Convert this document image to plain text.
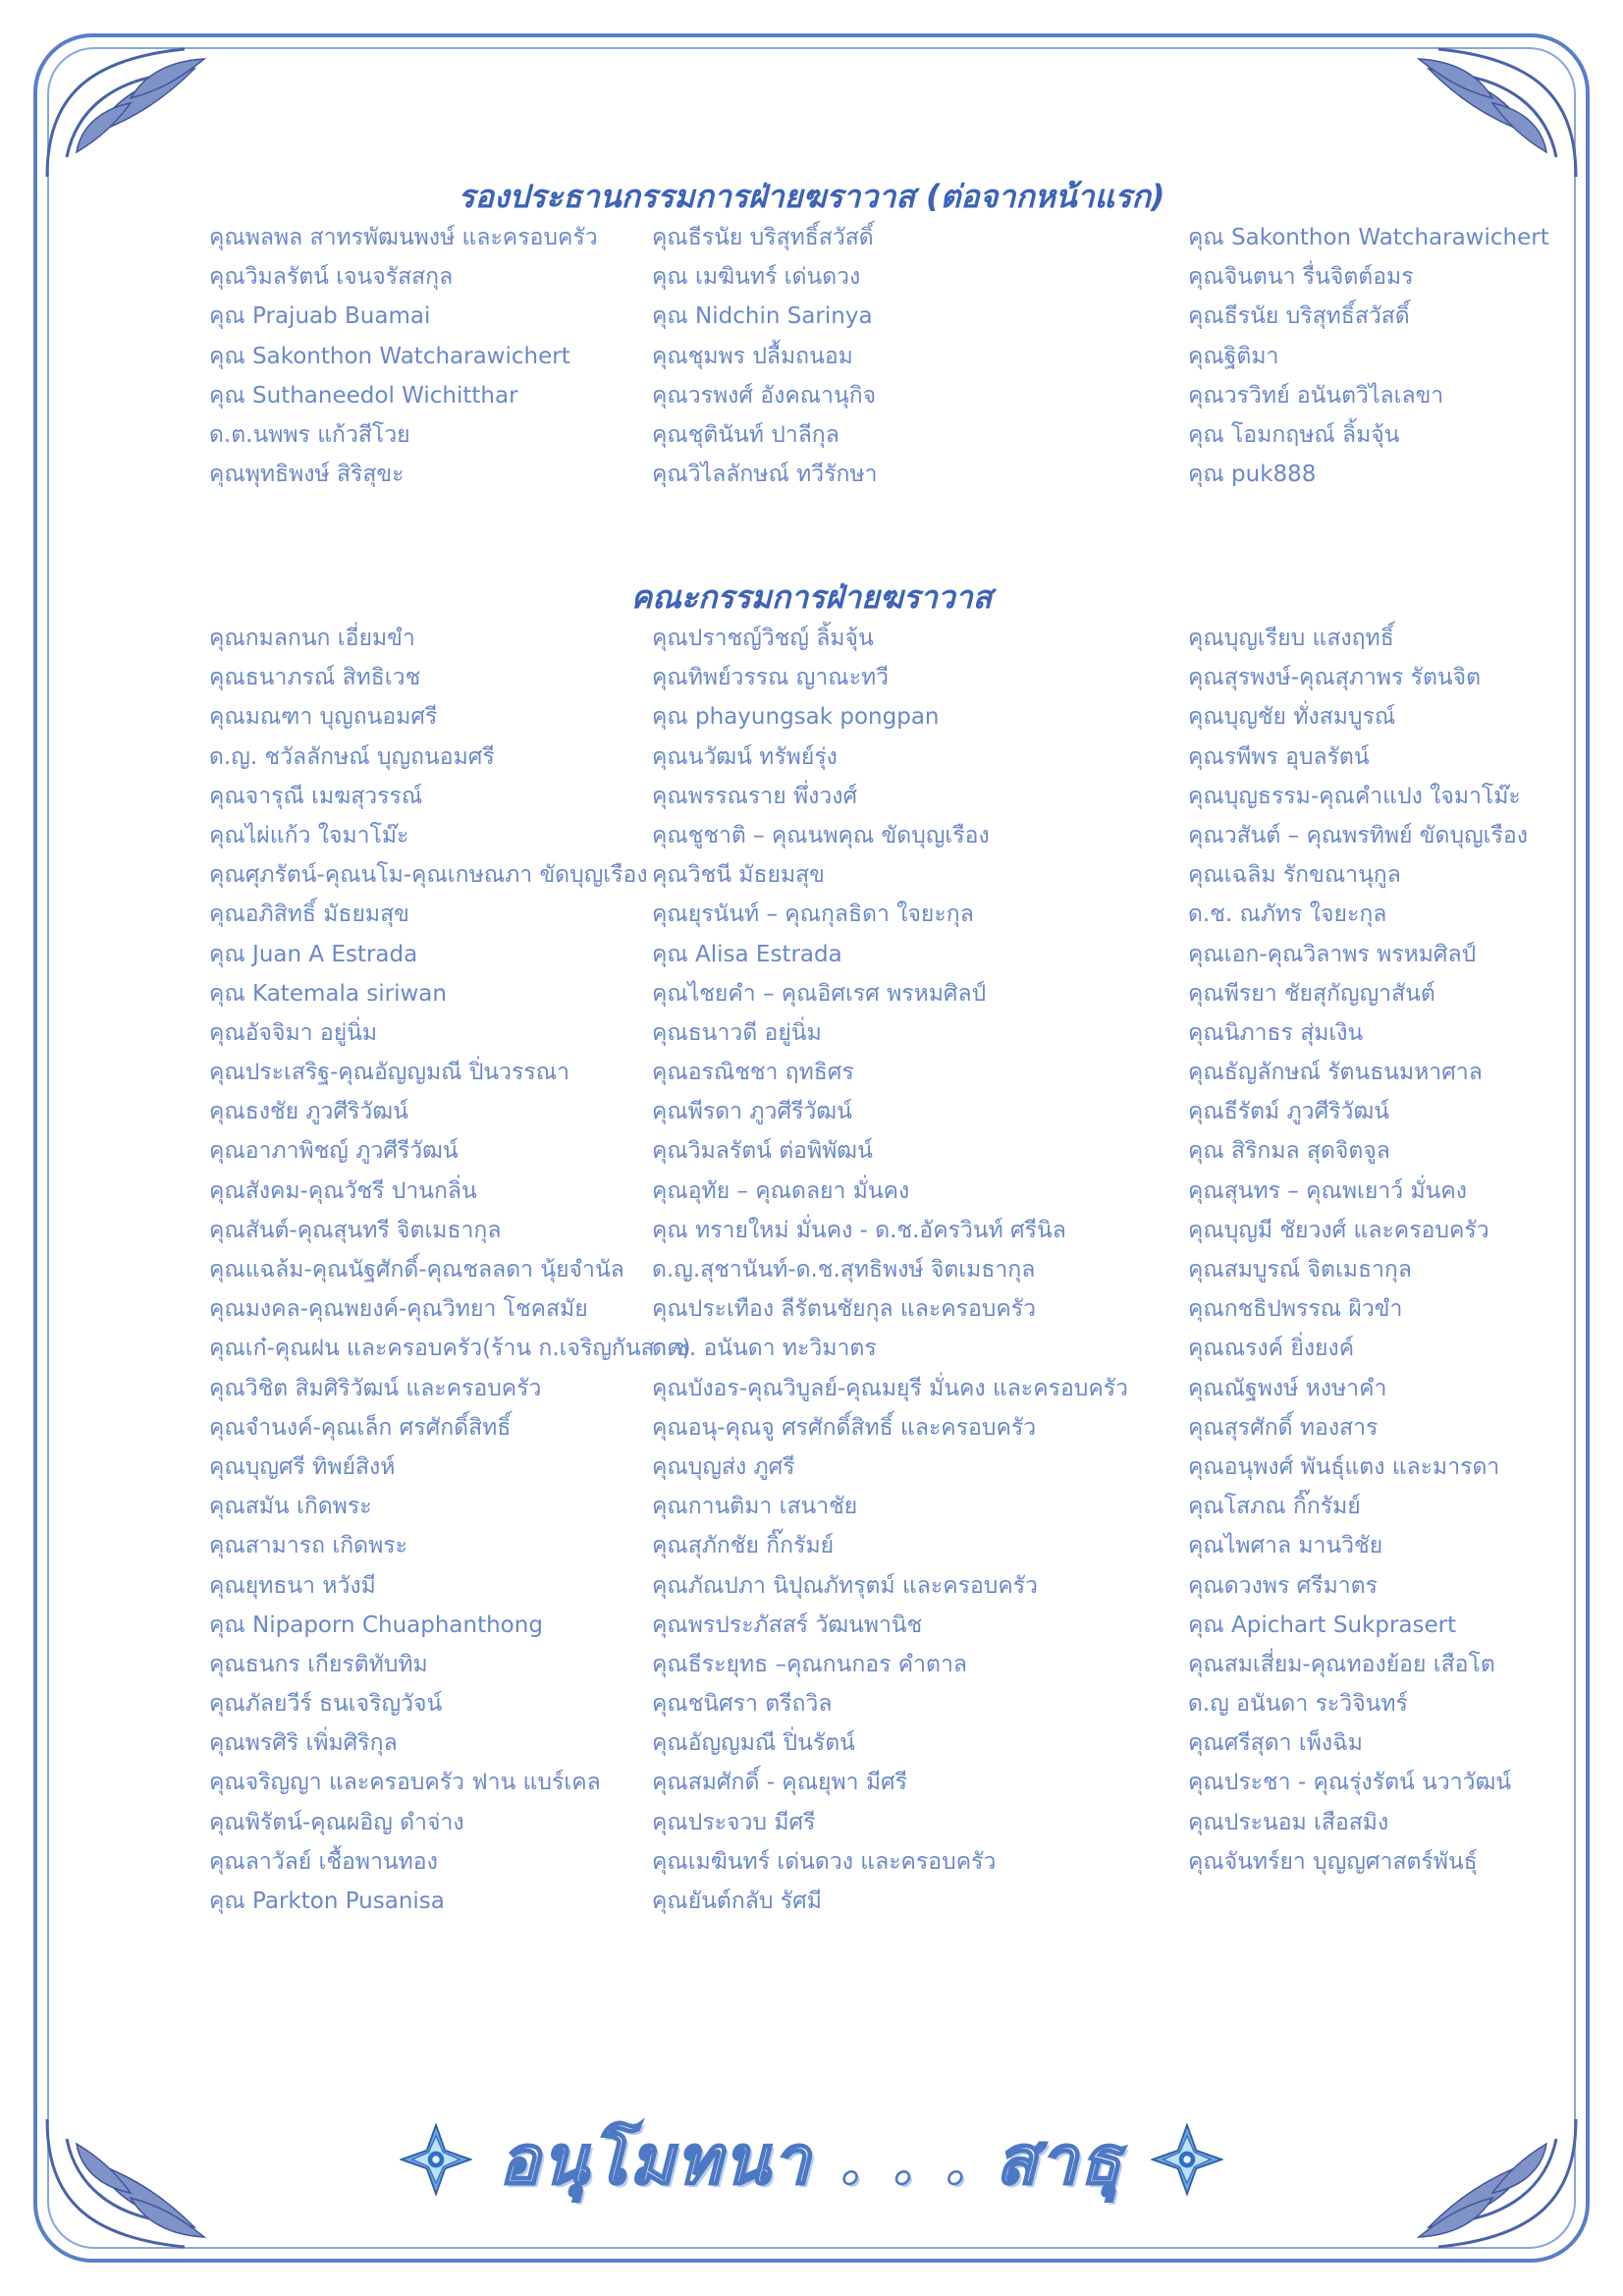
รองประธานกรรมการฝ่ายฆราวาส (ต่อจากหน้าแรก)
คุณพลพล สาทรพัฒนพงษ์ และครอบครัว
คุณวิมลรัตน์ เจนจรัสสกุล
คุณ Prajuab Buamai
คุณ Sakonthon Watcharawichert
คุณ Suthaneedol Wichitthar
ด.ต.นพพร แก้วสีโวย
คุณพุทธิพงษ์ สิริสุขะ
คุณธีรนัย บริสุทธิ์สวัสดิ์
คุณ เมฆินทร์ เด่นดวง
คุณ Nidchin Sarinya
คุณชุมพร ปลื้มถนอม
คุณวรพงศ์ อังคณานุกิจ
คุณชุตินันท์ ปาลีกุล
คุณวิไลลักษณ์ ทวีรักษา
คุณ Sakonthon Watcharawichert
คุณจินตนา รื่นจิตต์อมร
คุณธีรนัย บริสุทธิ์สวัสดิ์
คุณฐิติมา
คุณวรวิทย์ อนันตวิไลเลขา
คุณ โอมกฤษณ์ ลิ้มจุ้น
คุณ puk888
คณะกรรมการฝ่ายฆราวาส
คุณกมลกนก เอี่ยมขำ
คุณธนาภรณ์ สิทธิเวช
คุณมณฑา บุญถนอมศรี
ด.ญ. ชวัลลักษณ์ บุญถนอมศรี
คุณจารุณี เมฆสุวรรณ์
คุณไผ่แก้ว ใจมาโม๊ะ
คุณศุภรัตน์-คุณนโม-คุณเกษณภา ขัดบุญเรือง
คุณอภิสิทธิ์ มัธยมสุข
คุณ Juan A Estrada
คุณ Katemala siriwan
คุณอัจจิมา อยู่นิ่ม
คุณประเสริฐ-คุณอัญญมณี ปิ่นวรรณา
คุณธงชัย ภูวศีริวัฒน์
คุณอาภาพิชญ์ ภูวศีรีวัฒน์
คุณสังคม-คุณวัชรี ปานกลิ่น
คุณสันต์-คุณสุนทรี จิตเมธากุล
คุณแฉล้ม-คุณนัฐศักดิ์-คุณชลลดา นุ้ยจำนัล
คุณมงคล-คุณพยงค์-คุณวิทยา โชคสมัย
คุณเก๋-คุณฝน และครอบครัว(ร้าน ก.เจริญกันสาด)
คุณวิชิต สิมศิริวัฒน์ และครอบครัว
คุณจำนงค์-คุณเล็ก ศรศักดิ์สิทธิ์
คุณบุญศรี ทิพย์สิงห์
คุณสมัน เกิดพระ
คุณสามารถ เกิดพระ
คุณยุทธนา หวังมี
คุณ Nipaporn Chuaphanthong
คุณธนกร เกียรติทับทิม
คุณภัลยวีร์ ธนเจริญวัจน์
คุณพรศิริ เพิ่มศิริกุล
คุณจริญญา และครอบครัว ฟาน แบร์เคล
คุณพิรัตน์-คุณผอิญ ดำจ่าง
คุณลาวัลย์ เชื้อพานทอง
คุณ Parkton Pusanisa
คุณปราชญ์วิชญ์ ลิ้มจุ้น
คุณทิพย์วรรณ ญาณะทวี
คุณ phayungsak pongpan
คุณนวัฒน์ ทรัพย์รุ่ง
คุณพรรณราย พึ่งวงศ์
คุณชูชาติ – คุณนพคุณ ขัดบุญเรือง
คุณวิชนี มัธยมสุข
คุณยุรนันท์ – คุณกุลธิดา ใจยะกุล
คุณ Alisa Estrada
คุณไชยคำ – คุณอิศเรศ พรหมศิลป์
คุณธนาวดี อยู่นิ่ม
คุณอรณิชชา ฤทธิศร
คุณพีรดา ภูวศีรีวัฒน์
คุณวิมลรัตน์ ต่อพิพัฒน์
คุณอุทัย – คุณดลยา มั่นคง
คุณ ทรายใหม่ มั่นคง - ด.ช.อัครวินท์ ศรีนิล
ด.ญ.สุชานันท์-ด.ช.สุทธิพงษ์ จิตเมธากุล
คุณประเทือง ลีรัตนชัยกุล และครอบครัว
ด.ช. อนันดา ทะวิมาตร
คุณบังอร-คุณวิบูลย์-คุณมยุรี มั่นคง และครอบครัว
คุณอนุ-คุณจู ศรศักดิ์สิทธิ์ และครอบครัว
คุณบุญส่ง ภูศรี
คุณกานติมา เสนาชัย
คุณสุภักชัย กิ๊กรัมย์
คุณภัณปภา นิปุณภัทรุตม์ และครอบครัว
คุณพรประภัสสร์ วัฒนพานิช
คุณธีระยุทธ –คุณกนกอร คำตาล
คุณชนิศรา ตรีถวิล
คุณอัญญมณี ปิ่นรัตน์
คุณสมศักดิ์ - คุณยุพา มีศรี
คุณประจวบ มีศรี
คุณเมฆินทร์ เด่นดวง และครอบครัว
คุณยันต์กลับ รัศมี
คุณบุญเรียบ แสงฤทธิ์
คุณสุรพงษ์-คุณสุภาพร รัตนจิต
คุณบุญชัย ทั่งสมบูรณ์
คุณรพีพร อุบลรัตน์
คุณบุญธรรม-คุณคำแปง ใจมาโม๊ะ
คุณวสันต์ – คุณพรทิพย์ ขัดบุญเรือง
คุณเฉลิม รักขณานุกูล
ด.ช. ณภัทร ใจยะกุล
คุณเอก-คุณวิลาพร พรหมศิลป์
คุณพีรยา ชัยสุกัญญาสันต์
คุณนิภาธร สุ่มเงิน
คุณธัญลักษณ์ รัตนธนมหาศาล
คุณธีรัตม์ ภูวศีริวัฒน์
คุณ สิริกมล สุดจิตจูล
คุณสุนทร – คุณพเยาว์ มั่นคง
คุณบุญมี ชัยวงศ์ และครอบครัว
คุณสมบูรณ์ จิตเมธากุล
คุณกชธิปพรรณ ผิวขำ
คุณณรงค์ ยิ่งยงค์
คุณณัฐพงษ์ หงษาคำ
คุณสุรศักดิ์ ทองสาร
คุณอนุพงศ์ พันธุ์แตง และมารดา
คุณโสภณ กิ๊กรัมย์
คุณไพศาล มานวิชัย
คุณดวงพร ศรีมาตร
คุณ Apichart Sukprasert
คุณสมเสี่ยม-คุณทองย้อย เสือโต
ด.ญ อนันดา ระวิจินทร์
คุณศรีสุดา เพ็งฉิม
คุณประชา - คุณรุ่งรัตน์ นวาวัฒน์
คุณประนอม เสือสมิง
คุณจันทร์ยา บุญญศาสตร์พันธุ์
อนุโมทนา . . . สาธุ
